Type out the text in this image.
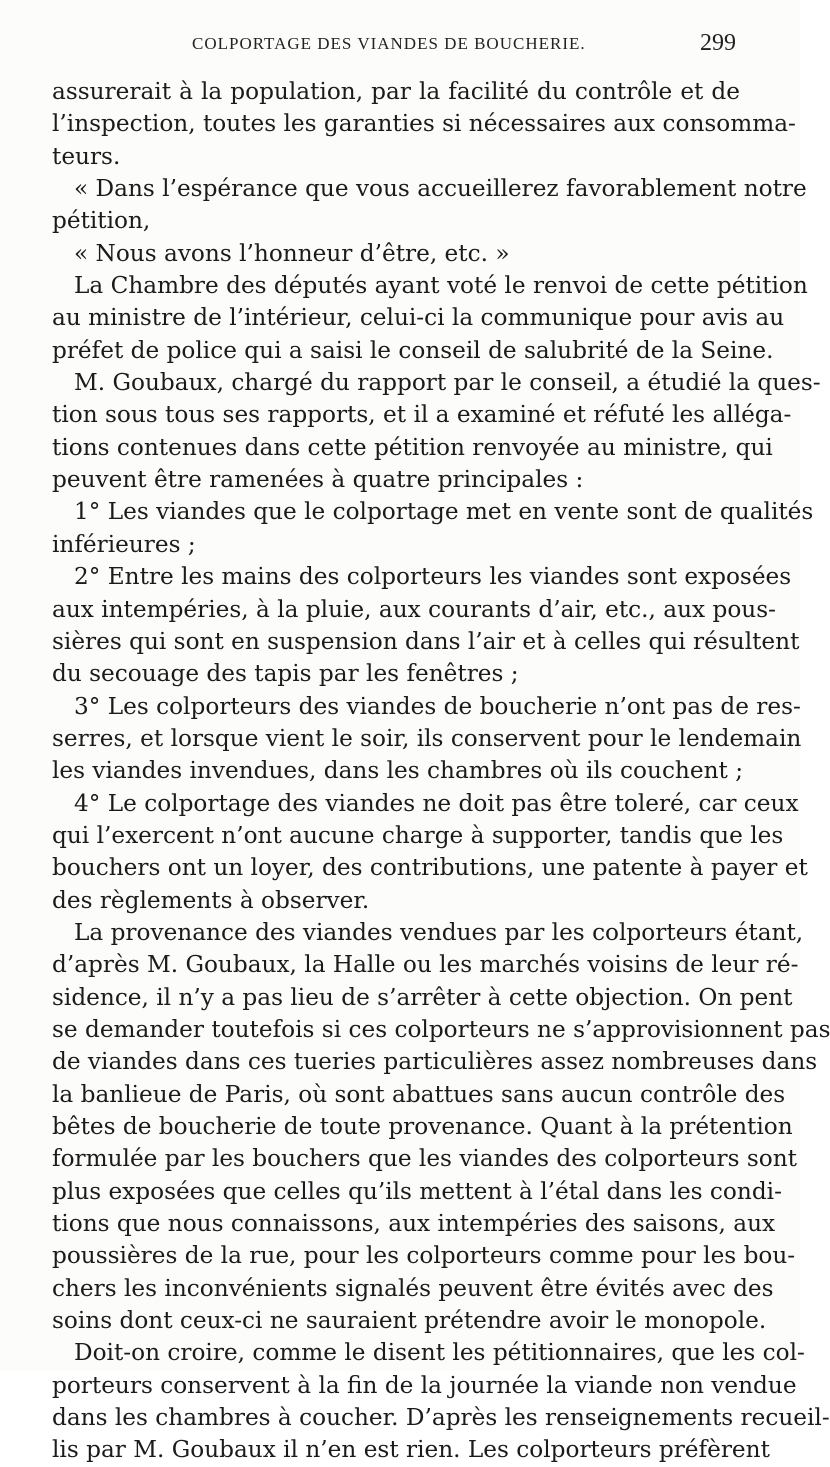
COLPORTAGE DES VIANDES DE BOUCHERIE.	299
assurerait à la population, par la facilité du contrôle et de
l’inspection, toutes les garanties si nécessaires aux consomma-
teurs.
« Dans l’espérance que vous accueillerez favorablement notre
pétition,
« Nous avons l’honneur d’être, etc. »
La Chambre des députés ayant voté le renvoi de cette pétition
au ministre de l’intérieur, celui-ci la communique pour avis au
préfet de police qui a saisi le conseil de salubrité de la Seine.
M. Goubaux, chargé du rapport par le conseil, a étudié la ques-
tion sous tous ses rapports, et il a examiné et réfuté les alléga-
tions contenues dans cette pétition renvoyée au ministre, qui
peuvent être ramenées à quatre principales :
1° Les viandes que le colportage met en vente sont de qualités
inférieures ;
2° Entre les mains des colporteurs les viandes sont exposées
aux intempéries, à la pluie, aux courants d’air, etc., aux pous-
sières qui sont en suspension dans l’air et à celles qui résultent
du secouage des tapis par les fenêtres ;
3° Les colporteurs des viandes de boucherie n’ont pas de res-
serres, et lorsque vient le soir, ils conservent pour le lendemain
les viandes invendues, dans les chambres où ils couchent ;
4° Le colportage des viandes ne doit pas être toleré, car ceux
qui l’exercent n’ont aucune charge à supporter, tandis que les
bouchers ont un loyer, des contributions, une patente à payer et
des règlements à observer.
La provenance des viandes vendues par les colporteurs étant,
d’après M. Goubaux, la Halle ou les marchés voisins de leur ré-
sidence, il n’y a pas lieu de s’arrêter à cette objection. On pent
se demander toutefois si ces colporteurs ne s’approvisionnent pas
de viandes dans ces tueries particulières assez nombreuses dans
la banlieue de Paris, où sont abattues sans aucun contrôle des
bêtes de boucherie de toute provenance. Quant à la prétention
formulée par les bouchers que les viandes des colporteurs sont
plus exposées que celles qu’ils mettent à l’étal dans les condi-
tions que nous connaissons, aux intempéries des saisons, aux
poussières de la rue, pour les colporteurs comme pour les bou-
chers les inconvénients signalés peuvent être évités avec des
soins dont ceux-ci ne sauraient prétendre avoir le monopole.
Doit-on croire, comme le disent les pétitionnaires, que les col-
porteurs conservent à la fin de la journée la viande non vendue
dans les chambres à coucher. D’après les renseignements recueil-
lis par M. Goubaux il n’en est rien. Les colporteurs préfèrent
